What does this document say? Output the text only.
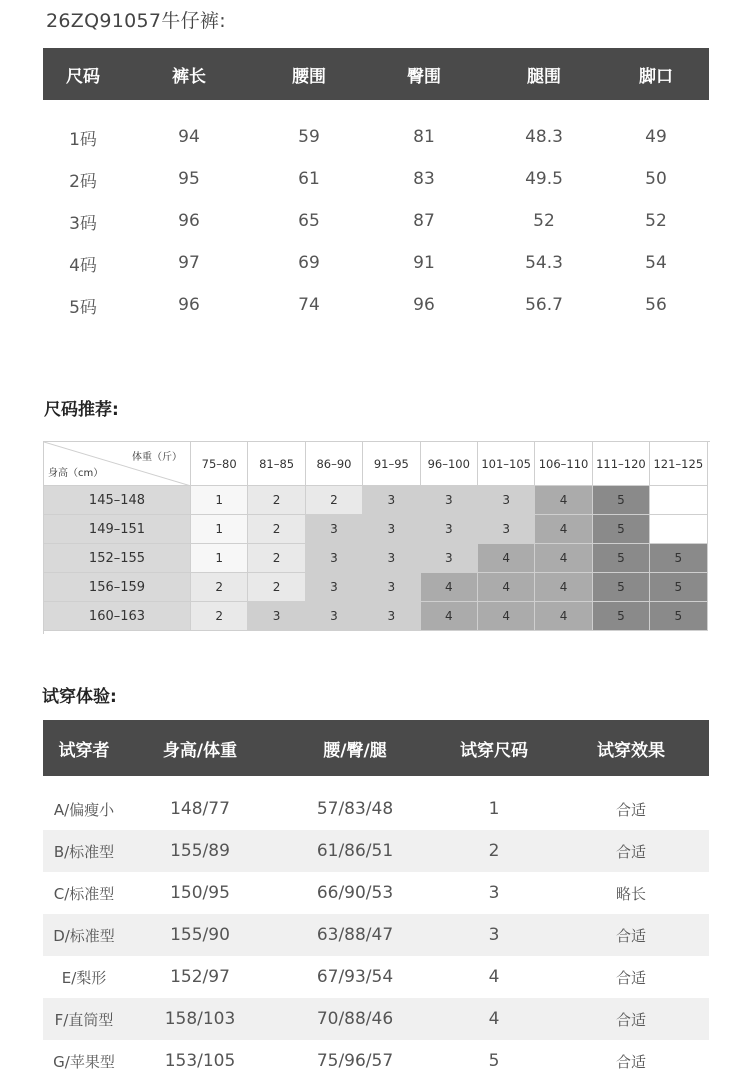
26ZQ91057牛仔裤:
尺码	裤长	腰围	臀围	腿围	脚口
1码	94	59	81	48.3	49
2码	95	61	83	49.5	50
3码	96	65	87	52	52
4码	97	69	91	54.3	54
5码	96	74	96	56.7	56
尺码推荐:
体重（斤）
身高（cm）
75–80	81–85	86–90	91–95	96–100 101–105 106–110 111–120 121–125
145–148	1	2	2	3	3	3	4	5
149–151	1	2	3	3	3	3	4	5
152–155	1	2	3	3	3	4	4	5	5
156–159	2	2	3	3	4	4	4	5	5
160–163	2	3	3	3	4	4	4	5	5
试穿体验:
试穿者	身高/体重	腰/臀/腿	试穿尺码	试穿效果
A/偏瘦小	148/77	57/83/48	1	合适
B/标准型	155/89	61/86/51	2	合适
C/标准型	150/95	66/90/53	3	略长
D/标准型	155/90	63/88/47	3	合适
E/梨形	152/97	67/93/54	4	合适
F/直筒型	158/103	70/88/46	4	合适
G/苹果型	153/105	75/96/57	5	合适
